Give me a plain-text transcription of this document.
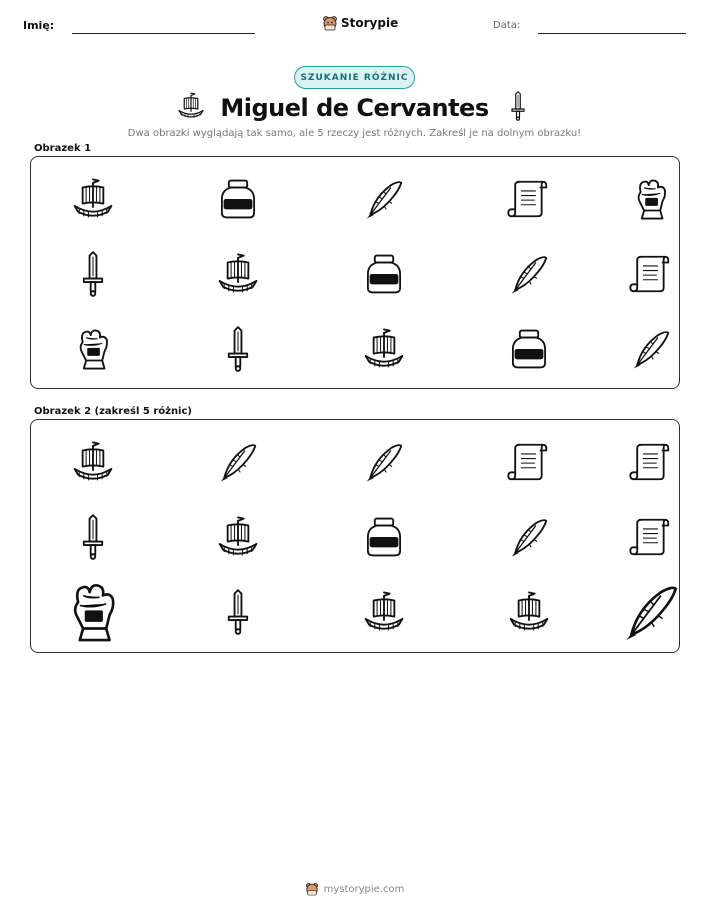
Imię:	Storypie	Data:
SZUKANIE RÓŻNIC
Miguel de Cervantes
Dwa obrazki wyglądają tak samo, ale 5 rzeczy jest różnych. Zakreśl je na dolnym obrazku!
Obrazek 1
Obrazek 2 (zakreśl 5 różnic)
mystorypie.com
